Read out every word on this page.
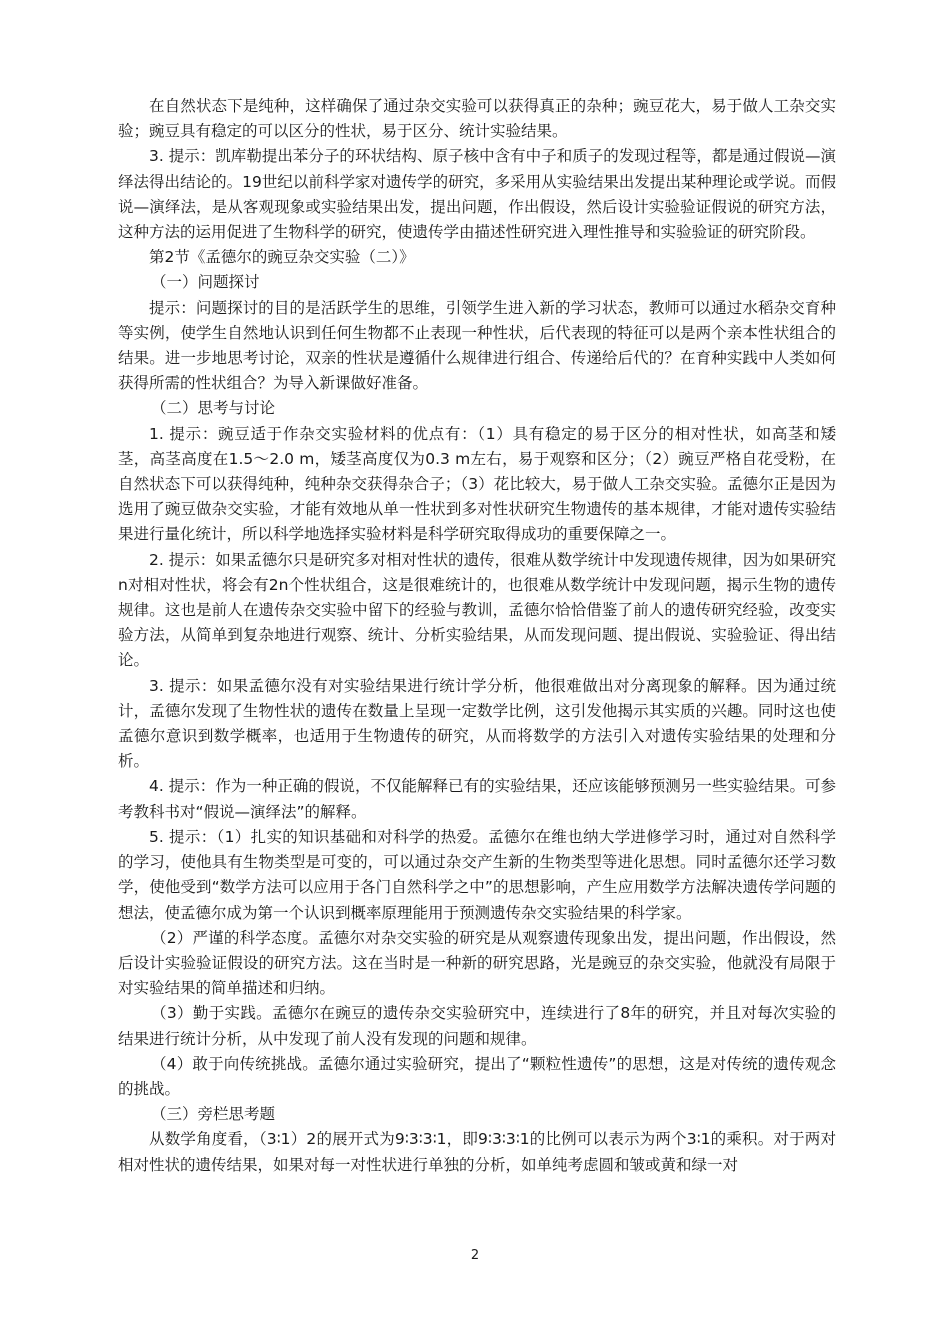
在自然状态下是纯种，这样确保了通过杂交实验可以获得真正的杂种；豌豆花大，易于做人工杂交实验；豌豆具有稳定的可以区分的性状，易于区分、统计实验结果。

3. 提示：凯库勒提出苯分子的环状结构、原子核中含有中子和质子的发现过程等，都是通过假说—演绎法得出结论的。19世纪以前科学家对遗传学的研究，多采用从实验结果出发提出某种理论或学说。而假说—演绎法，是从客观现象或实验结果出发，提出问题，作出假设，然后设计实验验证假说的研究方法，这种方法的运用促进了生物科学的研究，使遗传学由描述性研究进入理性推导和实验验证的研究阶段。

第2节《孟德尔的豌豆杂交实验（二）》

（一）问题探讨

提示：问题探讨的目的是活跃学生的思维，引领学生进入新的学习状态，教师可以通过水稻杂交育种等实例，使学生自然地认识到任何生物都不止表现一种性状，后代表现的特征可以是两个亲本性状组合的结果。进一步地思考讨论，双亲的性状是遵循什么规律进行组合、传递给后代的？在育种实践中人类如何获得所需的性状组合？为导入新课做好准备。

（二）思考与讨论

1. 提示：豌豆适于作杂交实验材料的优点有：（1）具有稳定的易于区分的相对性状，如高茎和矮茎，高茎高度在1.5～2.0 m，矮茎高度仅为0.3 m左右，易于观察和区分；（2）豌豆严格自花受粉，在自然状态下可以获得纯种，纯种杂交获得杂合子；（3）花比较大，易于做人工杂交实验。孟德尔正是因为选用了豌豆做杂交实验，才能有效地从单一性状到多对性状研究生物遗传的基本规律，才能对遗传实验结果进行量化统计，所以科学地选择实验材料是科学研究取得成功的重要保障之一。

2. 提示：如果孟德尔只是研究多对相对性状的遗传，很难从数学统计中发现遗传规律，因为如果研究n对相对性状，将会有2n个性状组合，这是很难统计的，也很难从数学统计中发现问题，揭示生物的遗传规律。这也是前人在遗传杂交实验中留下的经验与教训，孟德尔恰恰借鉴了前人的遗传研究经验，改变实验方法，从简单到复杂地进行观察、统计、分析实验结果，从而发现问题、提出假说、实验验证、得出结论。

3. 提示：如果孟德尔没有对实验结果进行统计学分析，他很难做出对分离现象的解释。因为通过统计，孟德尔发现了生物性状的遗传在数量上呈现一定数学比例，这引发他揭示其实质的兴趣。同时这也使孟德尔意识到数学概率，也适用于生物遗传的研究，从而将数学的方法引入对遗传实验结果的处理和分析。

4. 提示：作为一种正确的假说，不仅能解释已有的实验结果，还应该能够预测另一些实验结果。可参考教科书对“假说—演绎法”的解释。

5. 提示：（1）扎实的知识基础和对科学的热爱。孟德尔在维也纳大学进修学习时，通过对自然科学的学习，使他具有生物类型是可变的，可以通过杂交产生新的生物类型等进化思想。同时孟德尔还学习数学，使他受到“数学方法可以应用于各门自然科学之中”的思想影响，产生应用数学方法解决遗传学问题的想法，使孟德尔成为第一个认识到概率原理能用于预测遗传杂交实验结果的科学家。

（2）严谨的科学态度。孟德尔对杂交实验的研究是从观察遗传现象出发，提出问题，作出假设，然后设计实验验证假设的研究方法。这在当时是一种新的研究思路，光是豌豆的杂交实验，他就没有局限于对实验结果的简单描述和归纳。

（3）勤于实践。孟德尔在豌豆的遗传杂交实验研究中，连续进行了8年的研究，并且对每次实验的结果进行统计分析，从中发现了前人没有发现的问题和规律。

（4）敢于向传统挑战。孟德尔通过实验研究，提出了“颗粒性遗传”的思想，这是对传统的遗传观念的挑战。

（三）旁栏思考题

从数学角度看，（3∶1）2的展开式为9∶3∶3∶1，即9∶3∶3∶1的比例可以表示为两个3∶1的乘积。对于两对相对性状的遗传结果，如果对每一对性状进行单独的分析，如单纯考虑圆和皱或黄和绿一对

2
